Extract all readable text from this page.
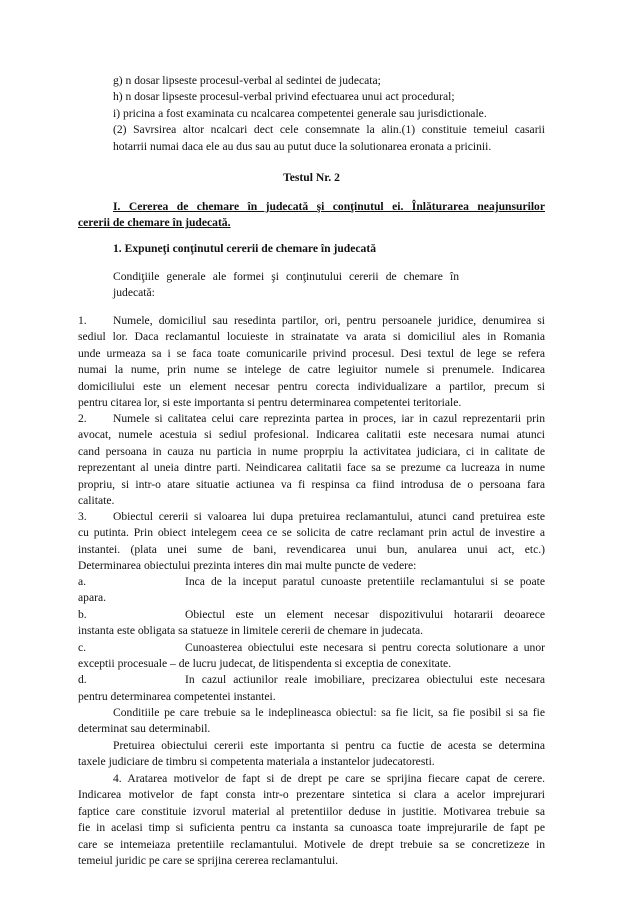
g) n dosar lipseste procesul-verbal al sedintei de judecata;
h) n dosar lipseste procesul-verbal privind efectuarea unui act procedural;
i) pricina a fost examinata cu ncalcarea competentei generale sau jurisdictionale.
(2) Savrsirea altor ncalcari dect cele consemnate la alin.(1) constituie temeiul casarii
hotarrii numai daca ele au dus sau au putut duce la solutionarea eronata a pricinii.
Testul Nr. 2
I. Cererea de chemare în judecată şi conţinutul ei. Înlăturarea neajunsurilor
cererii de chemare în judecată.
1. Expuneţi conţinutul cererii de chemare în judecată
Condiţiile generale ale formei şi conţinutului cererii de chemare în
judecată:
1. Numele, domiciliul sau resedinta partilor, ori, pentru persoanele juridice, denumirea si
sediul lor. Daca reclamantul locuieste in strainatate va arata si domiciliul ales in Romania
unde urmeaza sa i se faca toate comunicarile privind procesul. Desi textul de lege se refera
numai la nume, prin nume se intelege de catre legiuitor numele si prenumele. Indicarea
domiciliului este un element necesar pentru corecta individualizare a partilor, precum si
pentru citarea lor, si este importanta si pentru determinarea competentei teritoriale.
2. Numele si calitatea celui care reprezinta partea in proces, iar in cazul reprezentarii prin
avocat, numele acestuia si sediul profesional. Indicarea calitatii este necesara numai atunci
cand persoana in cauza nu particia in nume proprpiu la activitatea judiciara, ci in calitate de
reprezentant al uneia dintre parti. Neindicarea calitatii face sa se prezume ca lucreaza in nume
propriu, si intr-o atare situatie actiunea va fi respinsa ca fiind introdusa de o persoana fara
calitate.
3. Obiectul cererii si valoarea lui dupa pretuirea reclamantului, atunci cand pretuirea este
cu putinta. Prin obiect intelegem ceea ce se solicita de catre reclamant prin actul de investire a
instantei. (plata unei sume de bani, revendicarea unui bun, anularea unui act, etc.)
Determinarea obiectului prezinta interes din mai multe puncte de vedere:
a.	Inca de la inceput paratul cunoaste pretentiile reclamantului si se poate
apara.
b.	Obiectul este un element necesar dispozitivului hotararii deoarece
instanta este obligata sa statueze in limitele cererii de chemare in judecata.
c.	Cunoasterea obiectului este necesara si pentru corecta solutionare a unor
exceptii procesuale – de lucru judecat, de litispendenta si exceptia de conexitate.
d.	In cazul actiunilor reale imobiliare, precizarea obiectului este necesara
pentru determinarea competentei instantei.
Conditiile pe care trebuie sa le indeplineasca obiectul: sa fie licit, sa fie posibil si sa fie
determinat sau determinabil.
Pretuirea obiectului cererii este importanta si pentru ca fuctie de acesta se determina
taxele judiciare de timbru si competenta materiala a instantelor judecatoresti.
4. Aratarea motivelor de fapt si de drept pe care se sprijina fiecare capat de cerere.
Indicarea motivelor de fapt consta intr-o prezentare sintetica si clara a acelor imprejurari
faptice care constituie izvorul material al pretentiilor deduse in justitie. Motivarea trebuie sa
fie in acelasi timp si suficienta pentru ca instanta sa cunoasca toate imprejurarile de fapt pe
care se intemeiaza pretentiile reclamantului. Motivele de drept trebuie sa se concretizeze in
temeiul juridic pe care se sprijina cererea reclamantului.
